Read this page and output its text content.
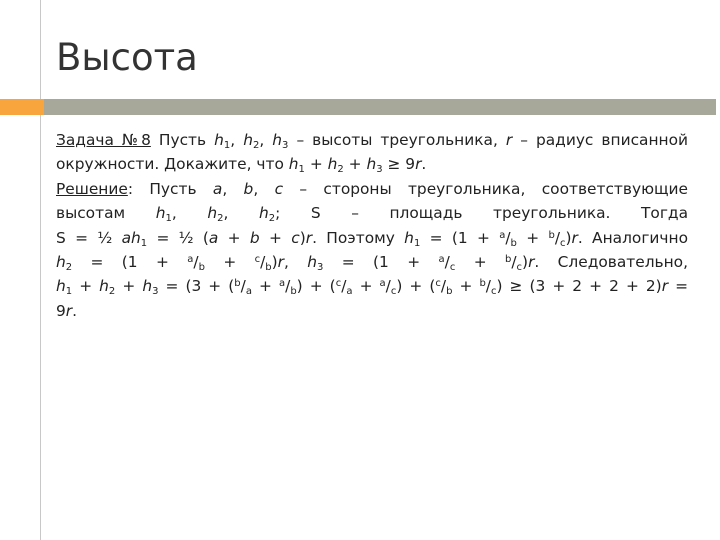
Высота

Задача №8 Пусть $h_1$, $h_2$, $h_3$ – высоты треугольника, r – радиус вписанной

окружности. Докажите, что $h_1 + h_2 + h_3 \ge 9r$.

Решение: Пусть a, b, c – стороны треугольника, соответствующие

высотам $h_1$, $h_2$, $h_2$; S – площадь треугольника. Тогда

S = ½ $ah_1$ = ½ (a + b + c)r. Поэтому $h_1 = (1 + ^a/_b + ^b/_c)r$. Аналогично

$h_2 = (1 + ^a/_b + ^c/_b)r$, $h_3 = (1 + ^a/_c + ^b/_c)r$. Следовательно,

$h_1 + h_2 + h_3 = (3 + (^b/_a + ^a/_b) + (^c/_a + ^a/_c) + (^c/_b + ^b/_c) \ge (3 + 2 + 2 + 2)r$ =

9r.
